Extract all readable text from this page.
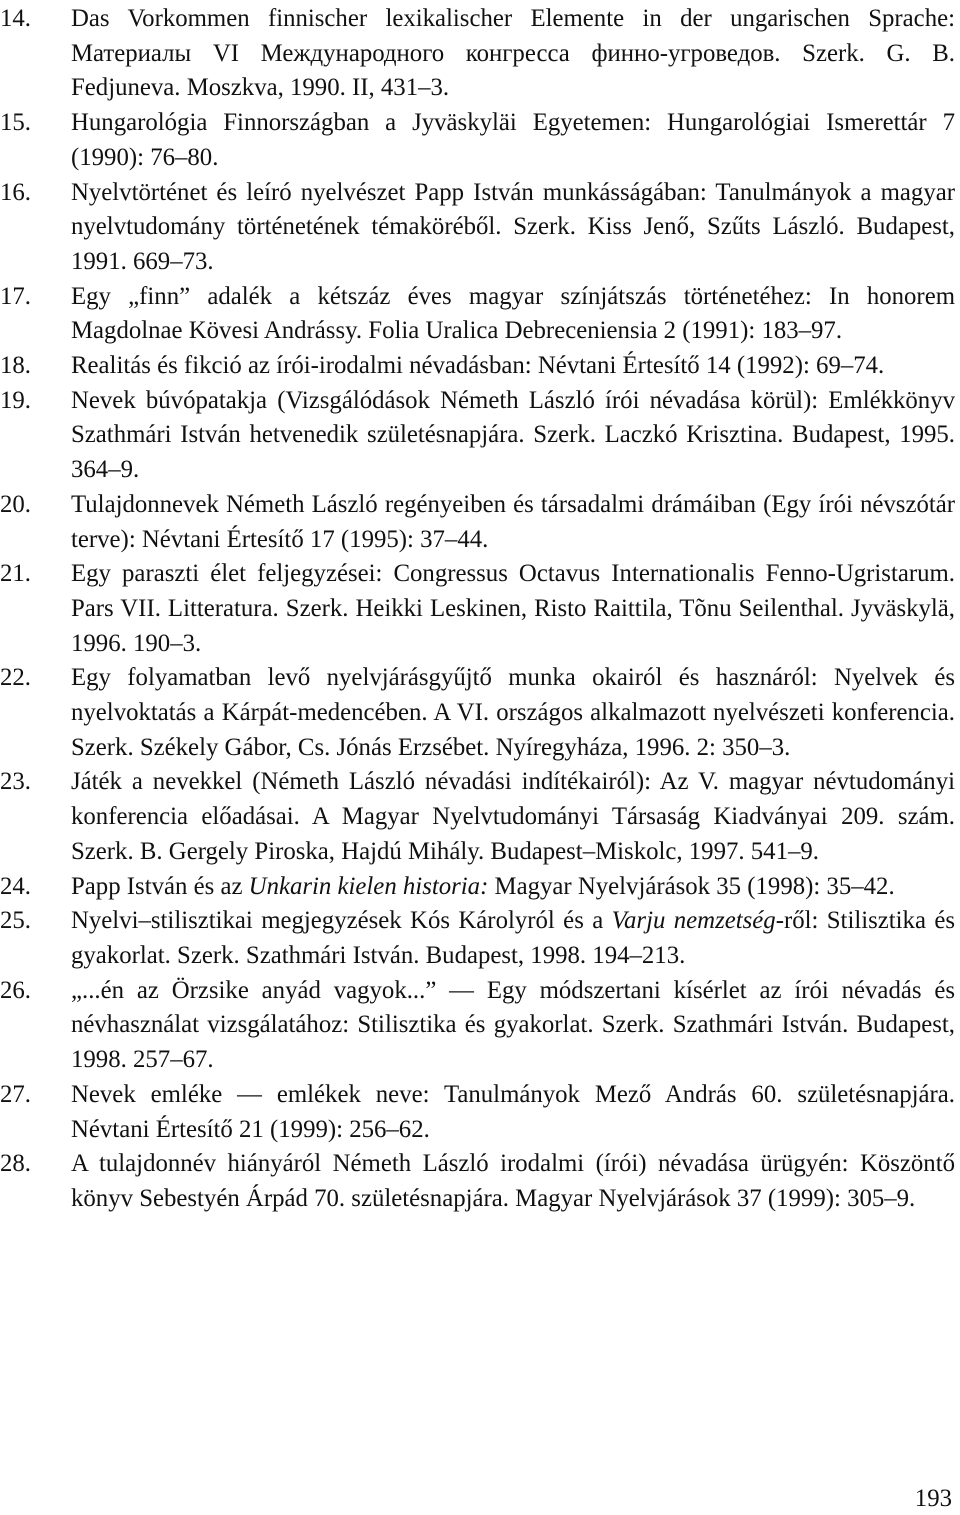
14.	Das Vorkommen finnischer lexikalischer Elemente in der ungarischen Sprache: Материалы VI Международного конгресса финно-угроведов. Szerk. G. B. Fedjuneva. Moszkva, 1990. II, 431–3.
15.	Hungarológia Finnországban a Jyväskyläi Egyetemen: Hungarológiai Ismerettár 7 (1990): 76–80.
16.	Nyelvtörténet és leíró nyelvészet Papp István munkásságában: Tanulmányok a magyar nyelvtudomány történetének témaköréből. Szerk. Kiss Jenő, Szűts László. Budapest, 1991. 669–73.
17.	Egy „finn” adalék a kétszáz éves magyar színjátszás történetéhez: In honorem Magdolnae Kövesi Andrássy. Folia Uralica Debreceniensia 2 (1991): 183–97.
18.	Realitás és fikció az írói-irodalmi névadásban: Névtani Értesítő 14 (1992): 69–74.
19.	Nevek búvópatakja (Vizsgálódások Németh László írói névadása körül): Emlékkönyv Szathmári István hetvenedik születésnapjára. Szerk. Laczkó Krisztina. Budapest, 1995. 364–9.
20.	Tulajdonnevek Németh László regényeiben és társadalmi drámáiban (Egy írói névszótár terve): Névtani Értesítő 17 (1995): 37–44.
21.	Egy paraszti élet feljegyzései: Congressus Octavus Internationalis Fenno-Ugristarum. Pars VII. Litteratura. Szerk. Heikki Leskinen, Risto Raittila, Tõnu Seilenthal. Jyväskylä, 1996. 190–3.
22.	Egy folyamatban levő nyelvjárásgyűjtő munka okairól és hasznáról: Nyelvek és nyelvoktatás a Kárpát-medencében. A VI. országos alkalmazott nyelvészeti konferencia. Szerk. Székely Gábor, Cs. Jónás Erzsébet. Nyíregyháza, 1996. 2: 350–3.
23.	Játék a nevekkel (Németh László névadási indítékairól): Az V. magyar névtudományi konferencia előadásai. A Magyar Nyelvtudományi Társaság Kiadványai 209. szám. Szerk. B. Gergely Piroska, Hajdú Mihály. Budapest–Miskolc, 1997. 541–9.
24.	Papp István és az Unkarin kielen historia: Magyar Nyelvjárások 35 (1998): 35–42.
25.	Nyelvi–stilisztikai megjegyzések Kós Károlyról és a Varju nemzetség-ről: Stilisztika és gyakorlat. Szerk. Szathmári István. Budapest, 1998. 194–213.
26.	„...én az Örzsike anyád vagyok...” — Egy módszertani kísérlet az írói névadás és névhasználat vizsgálatához: Stilisztika és gyakorlat. Szerk. Szathmári István. Budapest, 1998. 257–67.
27.	Nevek emléke — emlékek neve: Tanulmányok Mező András 60. születésnapjára. Névtani Értesítő 21 (1999): 256–62.
28.	A tulajdonnév hiányáról Németh László irodalmi (írói) névadása ürügyén: Köszöntő könyv Sebestyén Árpád 70. születésnapjára. Magyar Nyelvjárások 37 (1999): 305–9.
193
